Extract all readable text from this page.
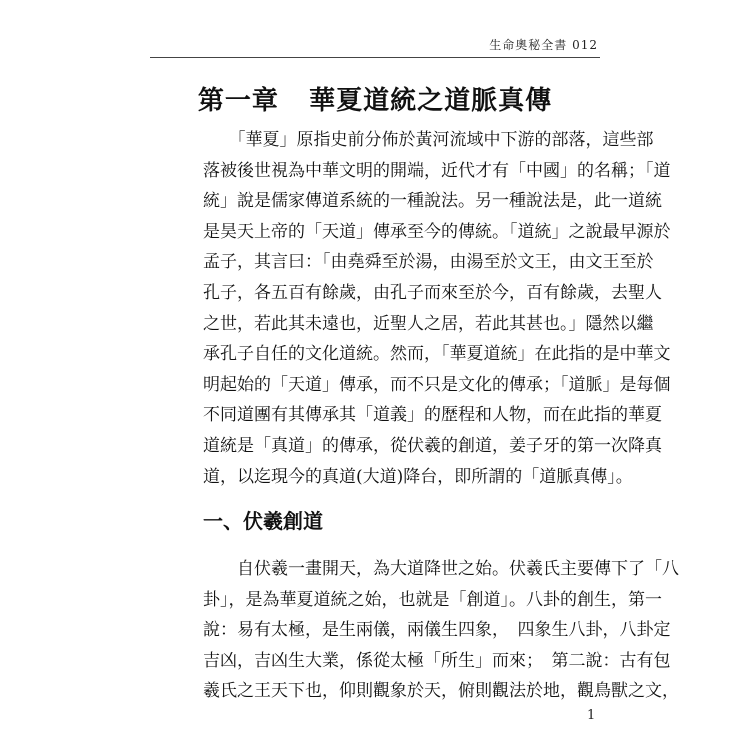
生命奧秘全書 012
第一章   華夏道統之道脈真傳
　　「華夏」原指史前分佈於黃河流域中下游的部落，這些部
落被後世視為中華文明的開端，近代才有「中國」的名稱；「道
統」說是儒家傳道系統的一種說法。另一種說法是，此一道統
是昊天上帝的「天道」傳承至今的傳統。「道統」之說最早源於
孟子，其言曰：「由堯舜至於湯，由湯至於文王，由文王至於
孔子，各五百有餘歲，由孔子而來至於今，百有餘歲，去聖人
之世，若此其未遠也，近聖人之居，若此其甚也。」隱然以繼
承孔子自任的文化道統。然而，「華夏道統」在此指的是中華文
明起始的「天道」傳承，而不只是文化的傳承；「道脈」是每個
不同道團有其傳承其「道義」的歷程和人物，而在此指的華夏
道統是「真道」的傳承，從伏羲的創道，姜子牙的第一次降真
道，以迄現今的真道(大道)降台，即所謂的「道脈真傳」。
一、伏羲創道
　　自伏羲一畫開天，為大道降世之始。伏羲氏主要傳下了「八
卦」，是為華夏道統之始，也就是「創道」。八卦的創生，第一
說：易有太極，是生兩儀，兩儀生四象，　四象生八卦，八卦定
吉凶，吉凶生大業，係從太極「所生」而來；　第二說：古有包
羲氏之王天下也，仰則觀象於天，俯則觀法於地，觀鳥獸之文，
1
